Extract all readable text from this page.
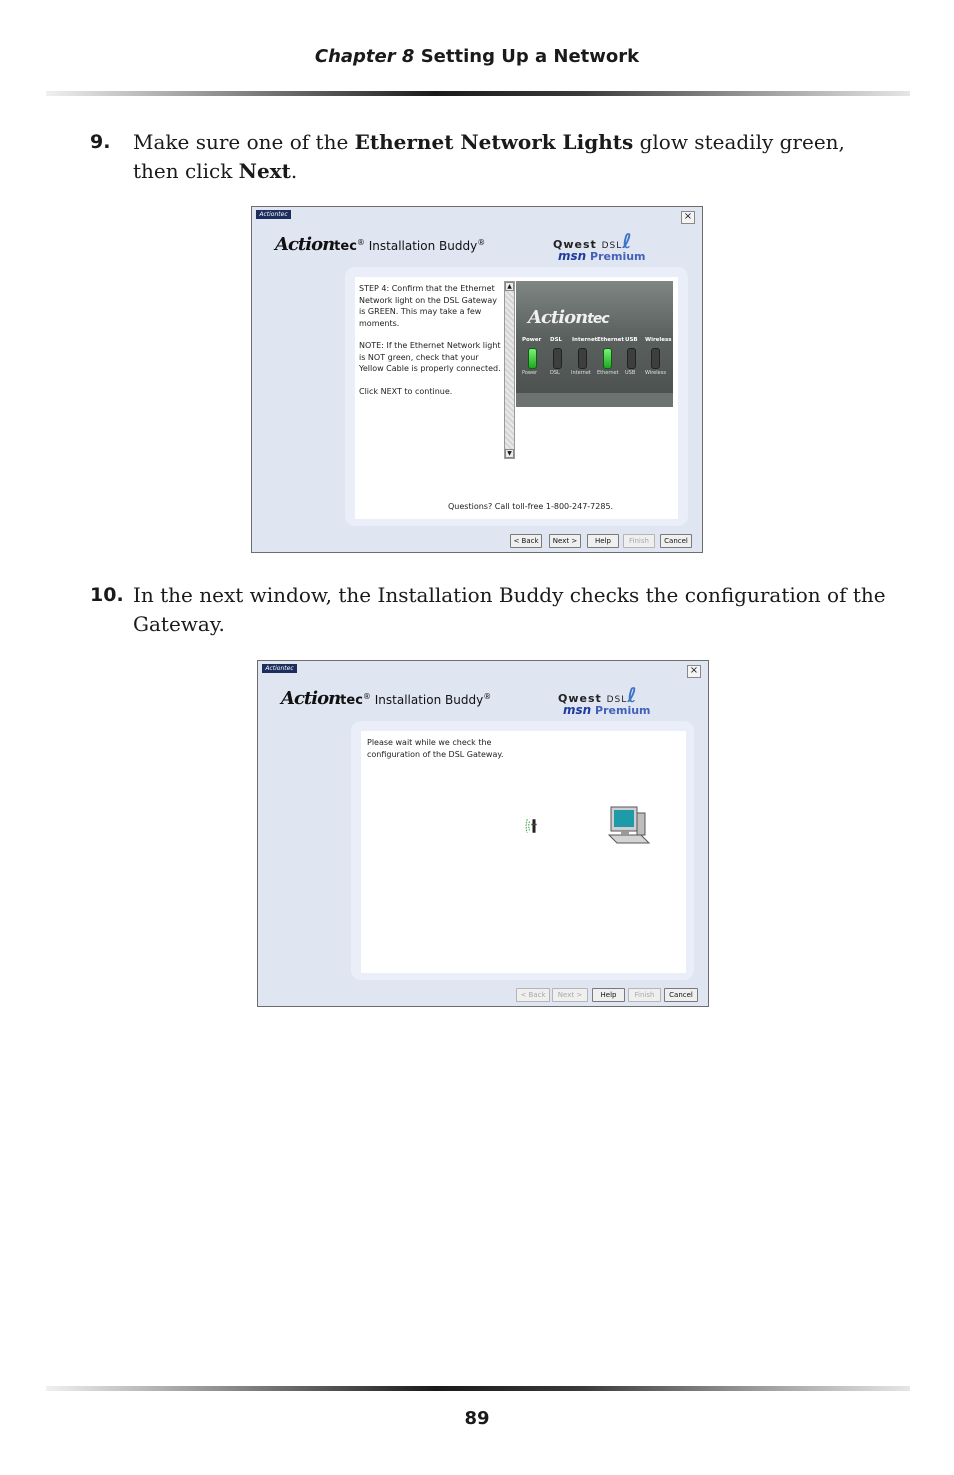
Chapter 8 Setting Up a Network
9. Make sure one of the Ethernet Network Lights glow steadily green, then click Next.
Actiontec	×
Actiontec® Installation Buddy®	Qwest DSLℓ
msn Premium

STEP 4: Confirm that the Ethernet Network light on the DSL Gateway is GREEN. This may take a few moments.

NOTE: If the Ethernet Network light is NOT green, check that your Yellow Cable is properly connected.

Click NEXT to continue.

▲
▼
Actiontec
Power DSL Internet Ethernet USB Wireless
Power	DSL Internet Ethernet USB Wireless
Questions? Call toll-free 1-800-247-7285.
< Back	Next >	Help	Finish	Cancel
10. In the next window, the Installation Buddy checks the configuration of the Gateway.
Actiontec	×
Actiontec® Installation Buddy®	Qwest DSLℓ
msn Premium
Please wait while we check the configuration of the DSL Gateway.
< Back	Next >	Help	Finish	Cancel
89
